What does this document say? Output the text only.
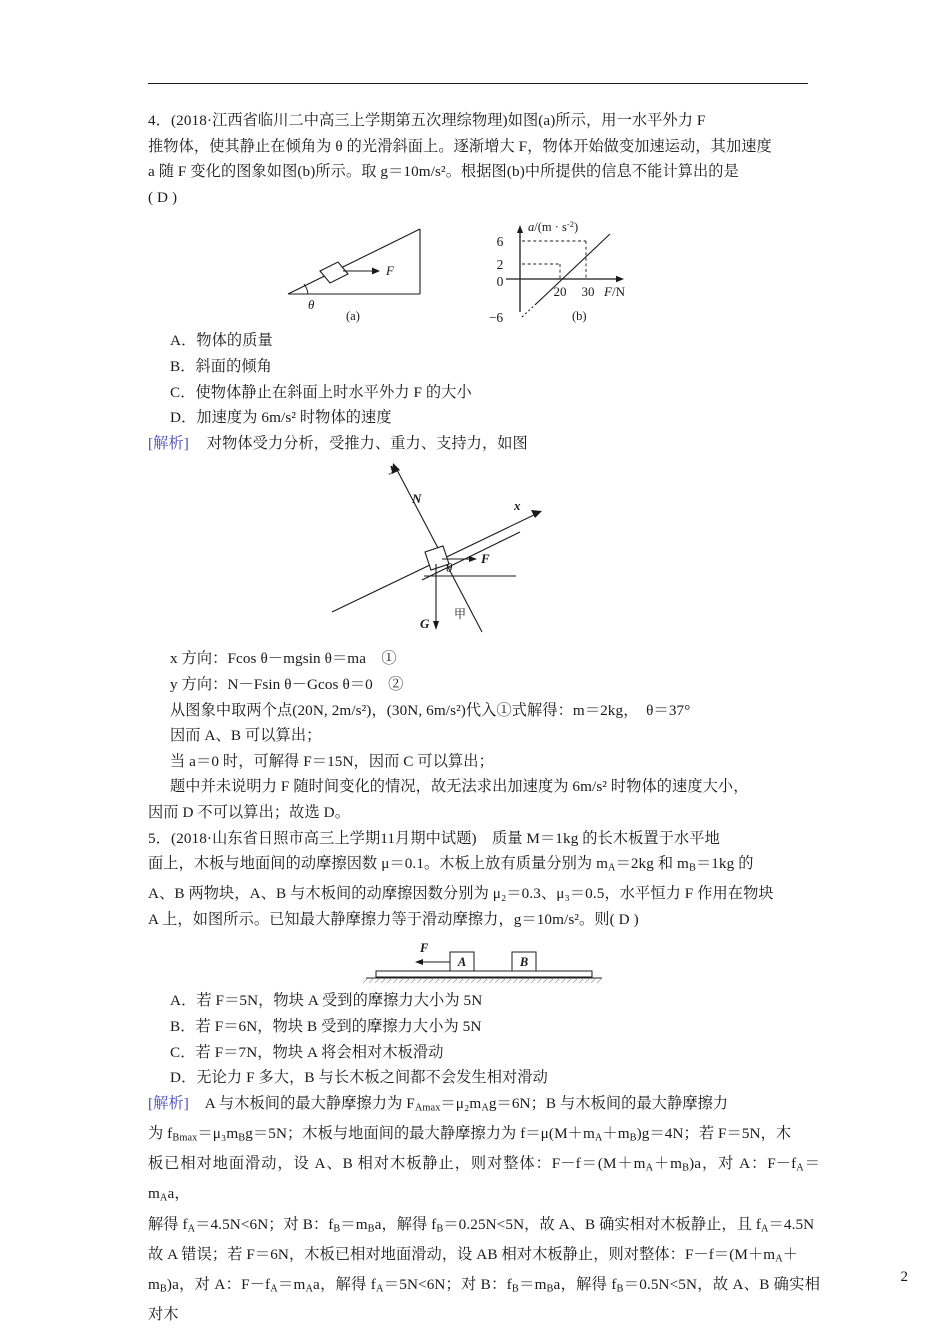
4．(2018·江西省临川二中高三上学期第五次理综物理)如图(a)所示，用一水平外力 F

推物体，使其静止在倾角为 θ 的光滑斜面上。逐渐增大 F，物体开始做变加速运动，其加速度

a 随 F 变化的图象如图(b)所示。取 g＝10m/s²。根据图(b)中所提供的信息不能计算出的是

( D )

F
θ
(a)
$a/(m \cdot s^{-2})$
6
2
0
−6
20 30 F/N
(b)

A．物体的质量

B．斜面的倾角

C．使物体静止在斜面上时水平外力 F 的大小

D．加速度为 6m/s² 时物体的速度

[解析] 对物体受力分析，受推力、重力、支持力，如图

N
y
x
F
θ
G
甲

x 方向：Fcos θ－mgsin θ＝ma　①

y 方向：N－Fsin θ－Gcos θ＝0　②

从图象中取两个点(20N, 2m/s²)，(30N, 6m/s²)代入①式解得：m＝2kg，　θ＝37°

因而 A、B 可以算出；

当 a＝0 时，可解得 F＝15N，因而 C 可以算出；

题中并未说明力 F 随时间变化的情况，故无法求出加速度为 6m/s² 时物体的速度大小，

因而 D 不可以算出；故选 D。

5．(2018·山东省日照市高三上学期11月期中试题)　质量 M＝1kg 的长木板置于水平地

面上，木板与地面间的动摩擦因数 μ＝0.1。木板上放有质量分别为 $m_A=2kg$ 和 $m_B=1kg$ 的

A、B 两物块，A、B 与木板间的动摩擦因数分别为 μ₂＝0.3、μ₃＝0.5，水平恒力 F 作用在物块

A 上，如图所示。已知最大静摩擦力等于滑动摩擦力，g＝10m/s²。则( D )

A	B
F

A．若 F＝5N，物块 A 受到的摩擦力大小为 5N

B．若 F＝6N，物块 B 受到的摩擦力大小为 5N

C．若 F＝7N，物块 A 将会相对木板滑动

D．无论力 F 多大，B 与长木板之间都不会发生相对滑动

[解析] A 与木板间的最大静摩擦力为 $F_{Amax}=\mu_2m_Ag=6N$；B 与木板间的最大静摩擦力

为 $f_{Bmax}=\mu_3m_Bg=5N$；木板与地面间的最大静摩擦力为 $f=\mu(M+m_A+m_B)g=4N$；若 F＝5N，木

板已相对地面滑动，设 A、B 相对木板静止，则对整体：$F-f=(M+m_A+m_B)a$，对 A：$F-f_A=m_Aa$，

解得 $f_A=4.5N<6N$；对 B：$f_B=m_Ba$，解得 $f_B=0.25N<5N$，故 A、B 确实相对木板静止，且 $f_A=4.5N$

故 A 错误；若 F＝6N，木板已相对地面滑动，设 AB 相对木板静止，则对整体：$F-f=(M+m_A+$

$m_B)a$，对 A：$F-f_A=m_Aa$，解得 $f_A=5N<6N$；对 B：$f_B=m_Ba$，解得 $f_B=0.5N<5N$，故 A、B 确实相对木

2
